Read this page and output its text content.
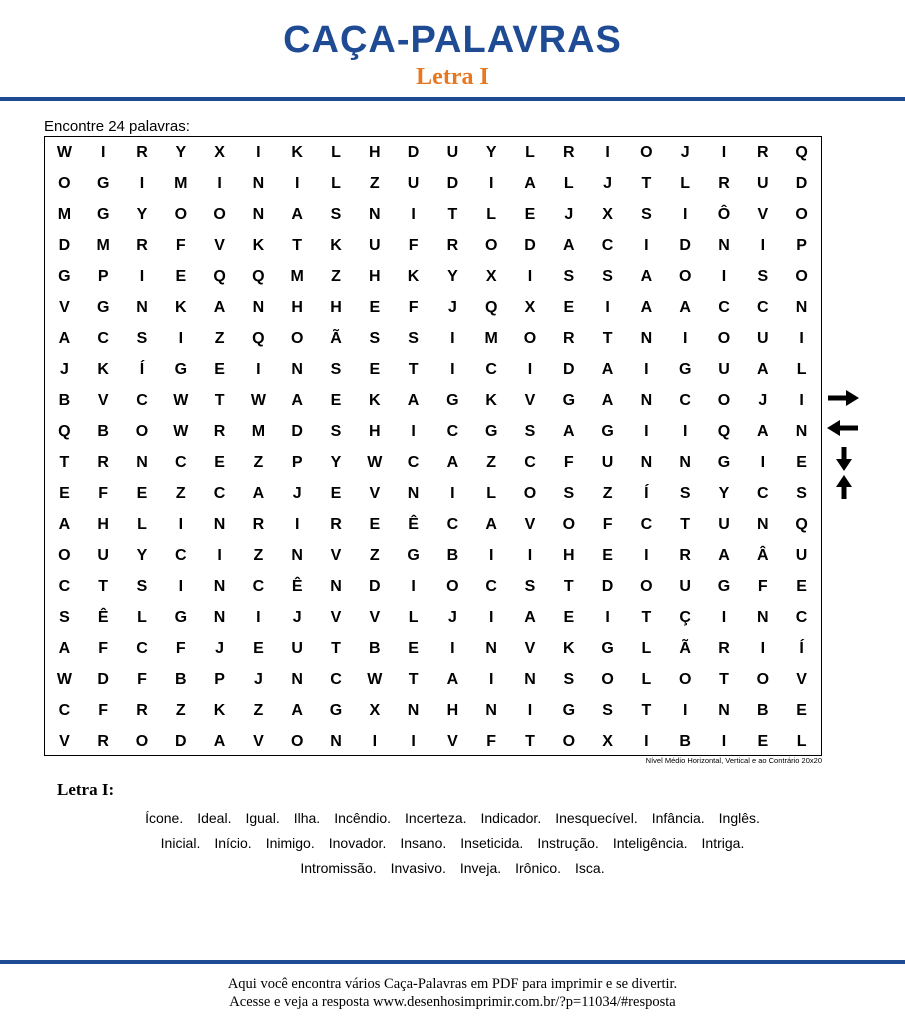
CAÇA-PALAVRAS
Letra I
Encontre 24 palavras:
W	I	R	Y	X	I	K	L	H	D	U	Y	L	R	I	O	J	I	R	Q
O	G	I	M	I	N	I	L	Z	U	D	I	A	L	J	T	L	R	U	D
M	G	Y	O	O	N	A	S	N	I	T	L	E	J	X	S	I	Ô	V	O
D	M	R	F	V	K	T	K	U	F	R	O	D	A	C	I	D	N	I	P
G	P	I	E	Q	Q	M	Z	H	K	Y	X	I	S	S	A	O	I	S	O
V	G	N	K	A	N	H	H	E	F	J	Q	X	E	I	A	A	C	C	N
A	C	S	I	Z	Q	O	Ã	S	S	I	M	O	R	T	N	I	O	U	I
J	K	Í	G	E	I	N	S	E	T	I	C	I	D	A	I	G	U	A	L
B	V	C	W	T	W	A	E	K	A	G	K	V	G	A	N	C	O	J	I
Q	B	O	W	R	M	D	S	H	I	C	G	S	A	G	I	I	Q	A	N
T	R	N	C	E	Z	P	Y	W	C	A	Z	C	F	U	N	N	G	I	E
E	F	E	Z	C	A	J	E	V	N	I	L	O	S	Z	Í	S	Y	C	S
A	H	L	I	N	R	I	R	E	Ê	C	A	V	O	F	C	T	U	N	Q
O	U	Y	C	I	Z	N	V	Z	G	B	I	I	H	E	I	R	A	Â	U
C	T	S	I	N	C	Ê	N	D	I	O	C	S	T	D	O	U	G	F	E
S	Ê	L	G	N	I	J	V	V	L	J	I	A	E	I	T	Ç	I	N	C
A	F	C	F	J	E	U	T	B	E	I	N	V	K	G	L	Ã	R	I	Í
W	D	F	B	P	J	N	C	W	T	A	I	N	S	O	L	O	T	O	V
C	F	R	Z	K	Z	A	G	X	N	H	N	I	G	S	T	I	N	B	E
V	R	O	D	A	V	O	N	I	I	V	F	T	O	X	I	B	I	E	L
Nível Médio Horizontal, Vertical e ao Contrário 20x20
Letra I:
Ícone. Ideal. Igual. Ilha. Incêndio. Incerteza. Indicador. Inesquecível. Infância. Inglês.
Inicial. Início. Inimigo. Inovador. Insano. Inseticida. Instrução. Inteligência. Intriga.
Intromissão. Invasivo. Inveja. Irônico. Isca.
Aqui você encontra vários Caça-Palavras em PDF para imprimir e se divertir.
Acesse e veja a resposta www.desenhosimprimir.com.br/?p=11034/#resposta
